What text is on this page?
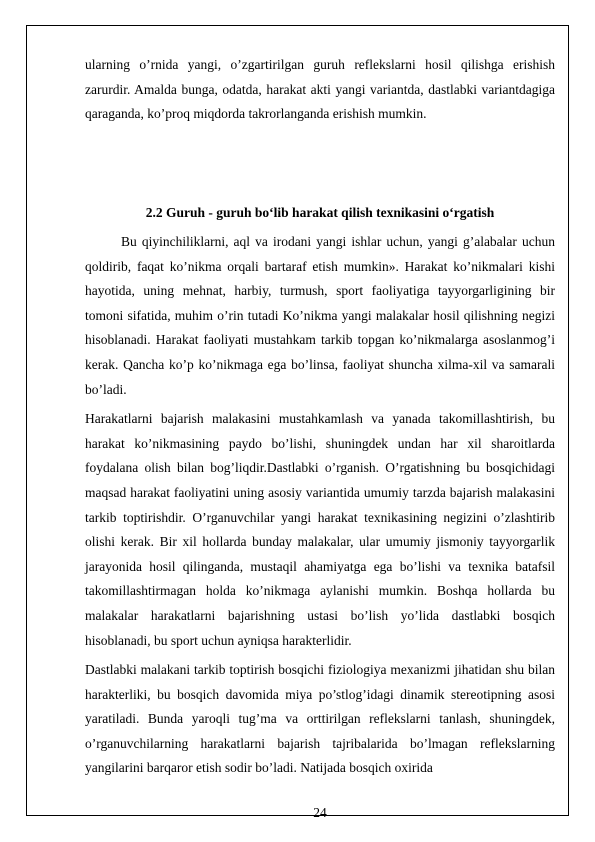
ularning o’rnida yangi, o’zgartirilgan guruh reflekslarni hosil qilishga erishish zarurdir. Amalda bunga, odatda, harakat akti yangi variantda, dastlabki variantdagiga qaraganda, ko’proq miqdorda takrorlanganda erishish mumkin.

2.2 Guruh - guruh bo‘lib harakat qilish texnikasini o‘rgatish

Bu qiyinchiliklarni, aql va irodani yangi ishlar uchun, yangi g’alabalar uchun qoldirib, faqat ko’nikma orqali bartaraf etish mumkin». Harakat ko’nikmalari kishi hayotida, uning mehnat, harbiy, turmush, sport faoliyatiga tayyorgarligining bir tomoni sifatida, muhim o’rin tutadi Ko’nikma yangi malakalar hosil qilishning negizi hisoblanadi. Harakat faoliyati mustahkam tarkib topgan ko’nikmalarga asoslanmog’i kerak. Qancha ko’p ko’nikmaga ega bo’linsa, faoliyat shuncha xilma-xil va samarali bo’ladi.

Harakatlarni bajarish malakasini mustahkamlash va yanada takomillashtirish, bu harakat ko’nikmasining paydo bo’lishi, shuningdek undan har xil sharoitlarda foydalana olish bilan bog’liqdir.Dastlabki o’rganish. O’rgatishning bu bosqichidagi maqsad harakat faoliyatini uning asosiy variantida umumiy tarzda bajarish malakasini tarkib toptirishdir. O’rganuvchilar yangi harakat texnikasining negizini o’zlashtirib olishi kerak. Bir xil hollarda bunday malakalar, ular umumiy jismoniy tayyorgarlik jarayonida hosil qilinganda, mustaqil ahamiyatga ega bo’lishi va texnika batafsil takomillashtirmagan holda ko’nikmaga aylanishi mumkin. Boshqa hollarda bu malakalar harakatlarni bajarishning ustasi bo’lish yo’lida dastlabki bosqich hisoblanadi, bu sport uchun ayniqsa harakterlidir.

Dastlabki malakani tarkib toptirish bosqichi fiziologiya mexanizmi jihatidan shu bilan harakterliki, bu bosqich davomida miya po’stlog’idagi dinamik stereotipning asosi yaratiladi. Bunda yaroqli tug’ma va orttirilgan reflekslarni tanlash, shuningdek, o’rganuvchilarning harakatlarni bajarish tajribalarida bo’lmagan reflekslarning yangilarini barqaror etish sodir bo’ladi. Natijada bosqich oxirida

24
